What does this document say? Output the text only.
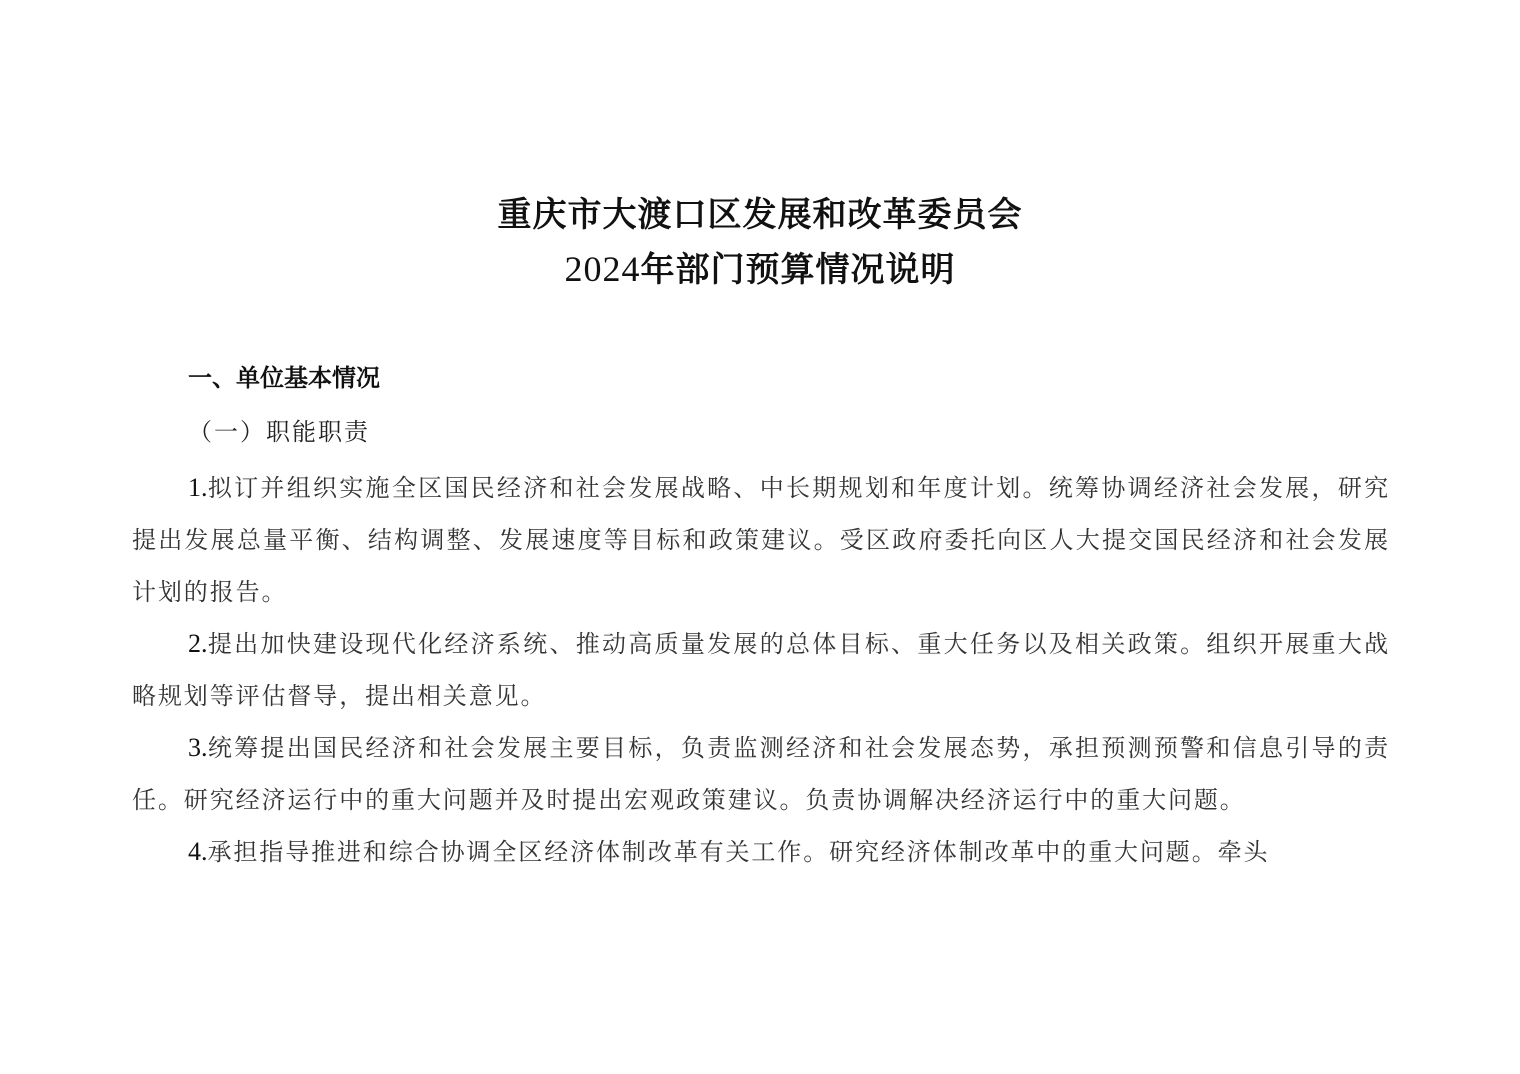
重庆市大渡口区发展和改革委员会
2024年部门预算情况说明
一、单位基本情况
（一）职能职责

1.拟订并组织实施全区国民经济和社会发展战略、中长期规划和年度计划。统筹协调经济社会发展，研究提出发展总量平衡、结构调整、发展速度等目标和政策建议。受区政府委托向区人大提交国民经济和社会发展计划的报告。

2.提出加快建设现代化经济系统、推动高质量发展的总体目标、重大任务以及相关政策。组织开展重大战略规划等评估督导，提出相关意见。

3.统筹提出国民经济和社会发展主要目标，负责监测经济和社会发展态势，承担预测预警和信息引导的责任。研究经济运行中的重大问题并及时提出宏观政策建议。负责协调解决经济运行中的重大问题。

4.承担指导推进和综合协调全区经济体制改革有关工作。研究经济体制改革中的重大问题。牵头
